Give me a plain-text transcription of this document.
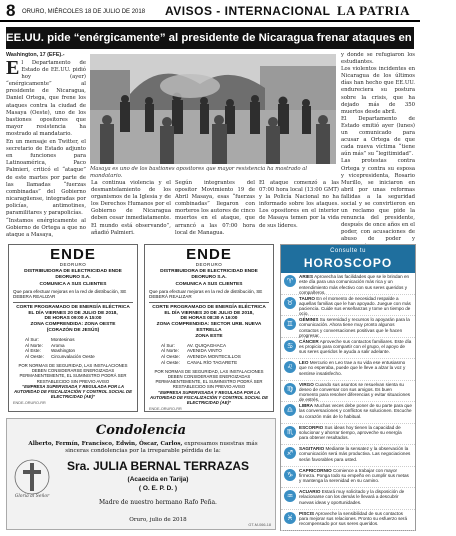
8 ORURO, MIÉRCOLES 18 DE JULIO DE 2018 AVISOS - INTERNACIONAL LA PATRIA
EE.UU. pide “enérgicamente” al presidente de Nicaragua frenar ataques en Masaya
Washington, 17 (EFE).-

El Departamento de Estado de EE.UU. pidió hoy (ayer) “enérgicamente” al presidente de Nicaragua, Daniel Ortega, que frene los ataques contra la ciudad de Masaya (Oeste), uno de los bastiones opositores que mayor resistencia ha mostrado al mandatario.

En un mensaje en Twitter, el secretario de Estado adjunto en funciones para Latinoamérica, Paco Palmieri, criticó el “ataque” de este martes por parte de las llamadas “fuerzas combinadas” del Gobierno nicaragüense, integradas por policías, antimotines, paramilitares y parapolicías.

“Instamos enérgicamente al Gobierno de Ortega a que no ataque a Masaya,

Masaya es uno de los bastiones opositores que mayor resistencia ha mostrado al mandatario.
La continua violencia y el desmantelamiento de los organismos de la Iglesia y de los Derechos Humanos por el Gobierno de Nicaragua deben cesar inmediatamente. El mundo está observando”, añadió Palmieri.
Según integrantes del opositor Movimiento 19 de Abril Masaya, esas “fuerzas combinadas” llegaron con morteros los autores de cinco muertos en el ataque, que arrancó a las 07:00 hora local de Managua.
El ataque comenzó a las 07:00 hora local (13:00 GMT) y la Policía Nacional no ha informado sobre los ataques. Los opositores en el interior de Masaya temen por la vida de sus líderes.
y donde se refugiaron los estudiantes.
Los violentos incidentes en Nicaragua de los últimos días han hecho que EE.UU. endureciera su postura sobre la crisis, que ha dejado más de 350 muertos desde abril.
El Departamento de Estado emitió ayer (lunes) un comunicado para acusar a Ortega de que cada nueva víctima “tiene aún más” su “legitimidad”.
Las protestas contra Ortega y contra su esposa y vicepresidenta, Rosario Murillo, se iniciaron en abril por unas reformas fallidas a la seguridad social y se convirtieron en un reclamo que pide la renuncia del presidente, después de once años en el poder, con acusaciones de abuso de poder y
ENDE
DEORURO
DISTRIBUIDORA DE ELECTRICIDAD ENDE DEORURO S.A.
COMUNICA A SUS CLIENTES
Que para efectuar mejoras en la red de distribución, SE DEBERA REALIZAR
CORTE PROGRAMADO DE ENERGÍA ELÉCTRICA
EL DÍA VIERNES 20 DE JULIO DE 2018,
DE HORAS 09:00 A 15:00
ZONA COMPRENDIDA: ZONA OESTE
(CORAZÓN DE JESÚS)
Al Sur:	Montesinos
Al Norte: Aroma
Al Este: Washington
Al Oeste: Circunvalación Oeste
POR NORMAS DE SEGURIDAD, LAS INSTALACIONES DEBEN CONSIDERARSE ENERGIZADAS PERMANENTEMENTE, EL SUMINISTRO PODRÁ SER RESTABLECIDO SIN PREVIO AVISO
“EMPRESA SUPERVISADA Y REGULADA POR LA AUTORIDAD DE FISCALIZACIÓN Y CONTROL SOCIAL DE ELECTRICIDAD (AE)”
ENDE-ORURO-RR
ENDE
DEORURO
DISTRIBUIDORA DE ELECTRICIDAD ENDE DEORURO S.A.
COMUNICA A SUS CLIENTES
Que para efectuar mejoras en la red de distribución, SE DEBERÁ REALIZAR
CORTE PROGRAMADO DE ENERGÍA ELÉCTRICA
EL DÍA VIERNES 20 DE JULIO DE 2018,
DE HORAS 08:30 A 16:00
ZONA COMPRENDIDA: SECTOR URB. NUEVA ESTRELLA
ZONA ESTE
Al Sur:	AV. QUIQAGHACA
Al Norte: AVENIDA VINTO
Al Oeste: AVENIDA MONTECILLOS
Al Oeste: CANAL RÍO TAGARETE
POR NORMAS DE SEGURIDAD, LAS INSTALACIONES DEBEN CONSIDERARSE ENERGIZADAS PERMANENTEMENTE, EL SUMINISTRO PODRÁ SER RESTABLECIDO SIN PREVIO AVISO
“EMPRESA SUPERVISADA Y REGULADA POR LA AUTORIDAD DE FISCALIZACIÓN Y CONTROL SOCIAL DE ELECTRICIDAD (AE)”
ENDE-ORURO-RR
Condolencia
Alberto, Fermín, Francisco, Edwin, Óscar, Carlos, expresamos nuestras más sinceras condolencias por la irreparable pérdida de la:
Gloria al Señor
Sra. JULIA BERNAL TERRAZAS
(Acaecida en Tarija)
( O. E. P. D. )
Madre de nuestro hermano Rafo Peña.
Oruro, julio de 2018
GT-M-066-18
Consulte tu
HOROSCOPO
♈
ARIES Aprovecha las facilidades que se le brindan en este día para una comunicación más rica y un entendimiento más efectivo con sus seres queridos y compañeros.
♉
TAURO En el momento de necesidad respalde a aquellas familias que le han apoyado. Juegue con más paciencia. Cuide sus enseñanzas y tome un tiempo de ocio.
♊
GÉMINIS Su serenidad y recursos lo apoyarán para la comunicación. Ahora tiene muy pronto algunos contactos y conversaciones positivas que le hacen progresar.
♋
CÁNCER Aproveche sus contactos familiares. Este día es propicio para compartir con el grupo, el apoyo de sus seres queridos le ayuda a salir adelante.
♌
LEO Mercurio en Leo trae a su vida ese entusiasmo que no esperaba, puede que le lleve a alzar la voz y sentirse insatisfecho.
♍
VIRGO Cuando sus asuntos se resuelvan sienta su deseo de conversar con sus amigos. Es buen momento para resolver diferencias y evitar situaciones de estrés.
♎
LIBRA Muchas veces debe poner de su parte para que las conversaciones y conflictos se solucionen. Escuche su corazón más de lo habitual.
♏
ESCORPIO Sus ideas hoy tienen la capacidad de solucionar y ahorrar tiempo, aproveche su energía para obtener resultados.
♐
SAGITARIO Mediante la sensatez y la observación la comunicación será más productiva. Las negociaciones serán favorables para usted.
♑
CAPRICORNIO Comience a trabajar con mayor firmeza. Ponga todo su empeño en cumplir sus metas y mantenga la serenidad en su camino.
♒
ACUARIO Estará muy solicitado y la disposición de relacionarse con los demás le llevará a descubrir nuevas ideas y oportunidades.
♓
PISCIS Aproveche la sensibilidad de sus contactos para mejorar sus relaciones. Pronto su esfuerzo será recompensado por sus seres queridos.
